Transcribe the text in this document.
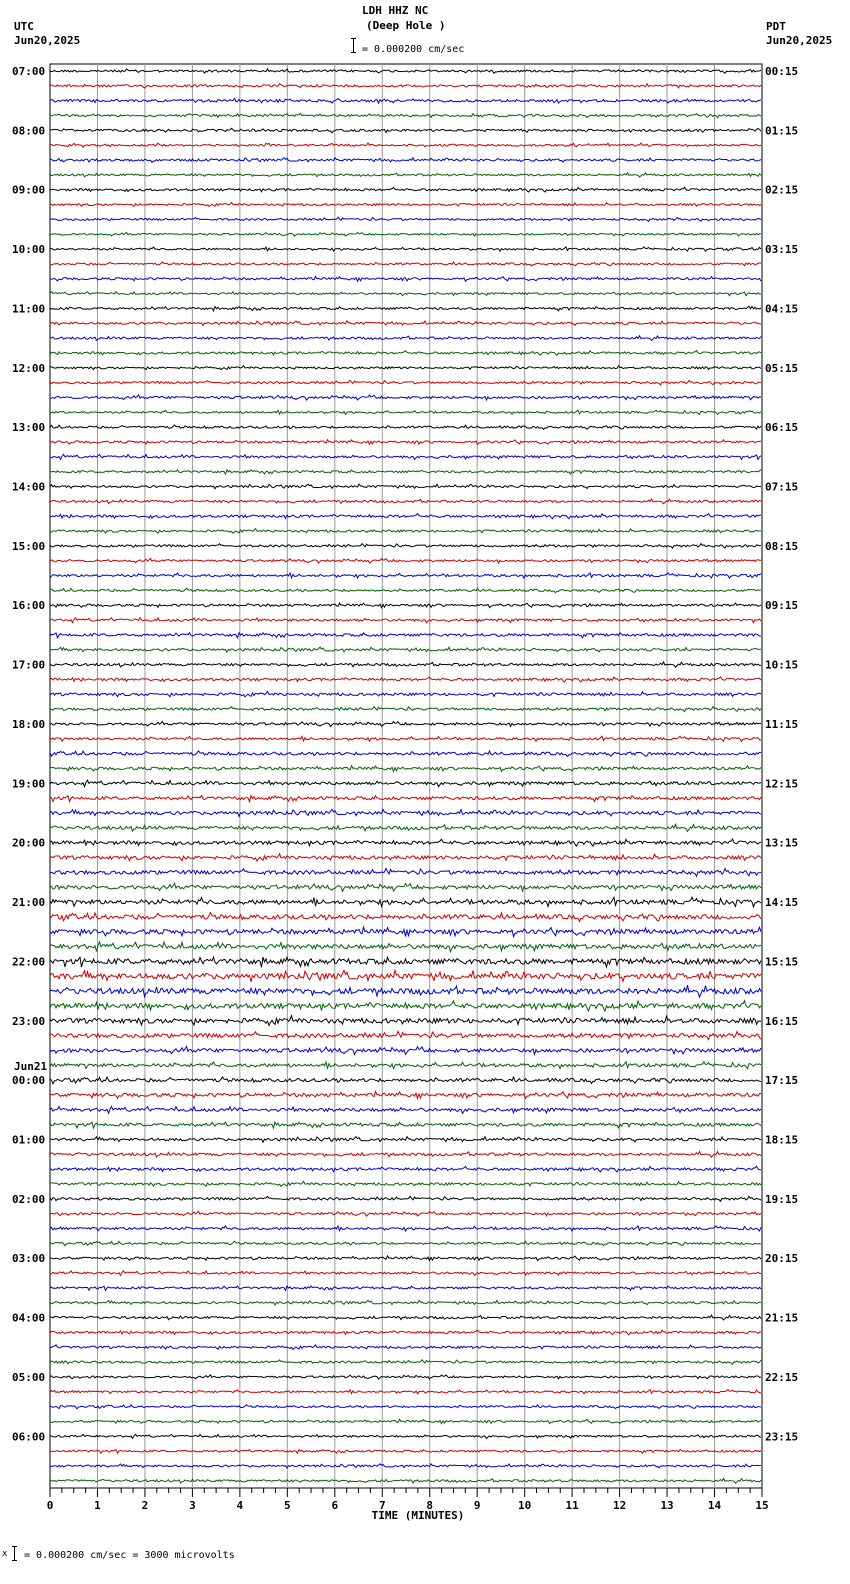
LDH HHZ NC
(Deep Hole )
= 0.000200 cm/sec
UTC
Jun20,2025
PDT
Jun20,2025
07:00	00:15
08:00	01:15
09:00	02:15
10:00	03:15
11:00	04:15
12:00	05:15
13:00	06:15
14:00	07:15
15:00	08:15
16:00	09:15
17:00	10:15
18:00	11:15
19:00	12:15
20:00	13:15
21:00	14:15
22:00	15:15
23:00	16:15
00:00	17:15
Jun21
01:00	18:15
02:00	19:15
03:00	20:15
04:00	21:15
05:00	22:15
06:00	23:15
0	1	2	3	4	5	6	7	8	9	10	11	12	13	14	15
TIME (MINUTES)
x = 0.000200 cm/sec = 3000 microvolts
